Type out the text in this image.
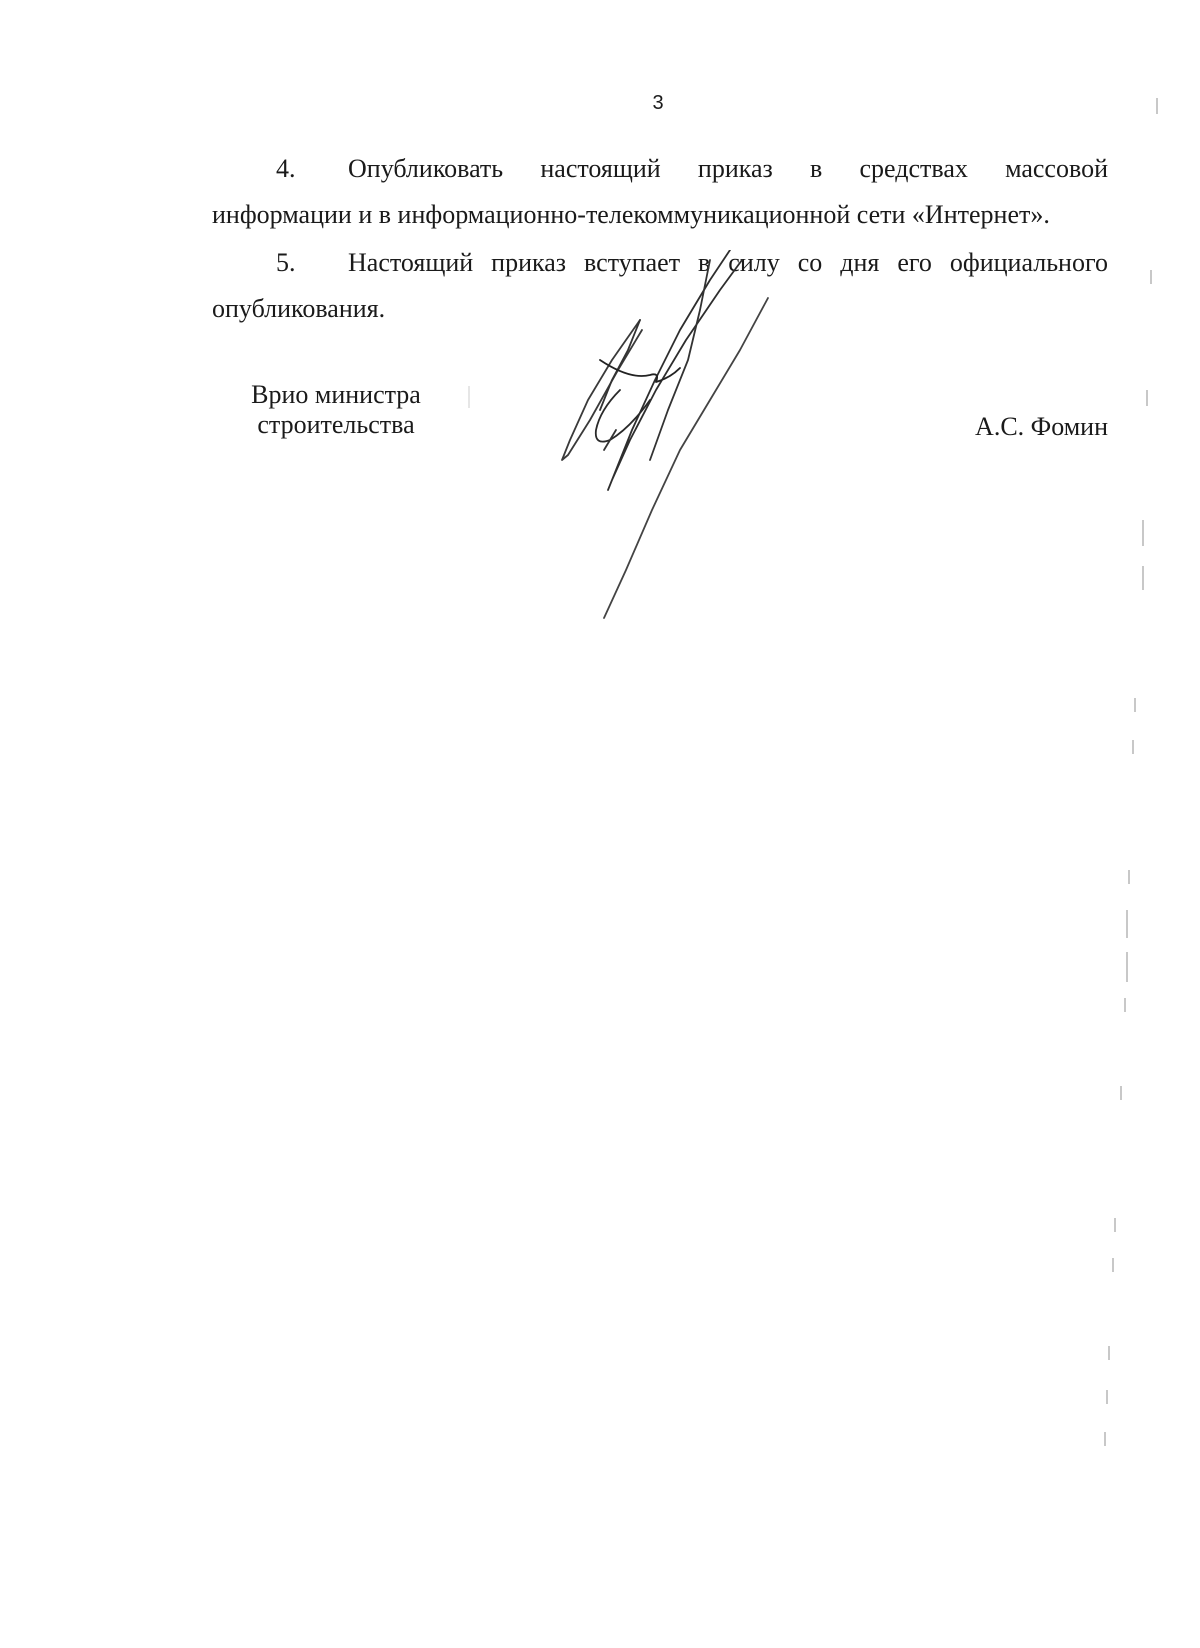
3
4. Опубликовать настоящий приказ в средствах массовой
информации и в информационно-телекоммуникационной сети «Интернет».
5. Настоящий приказ вступает в силу со дня его официального
опубликования.
Врио министра
строительства	А.С. Фомин
